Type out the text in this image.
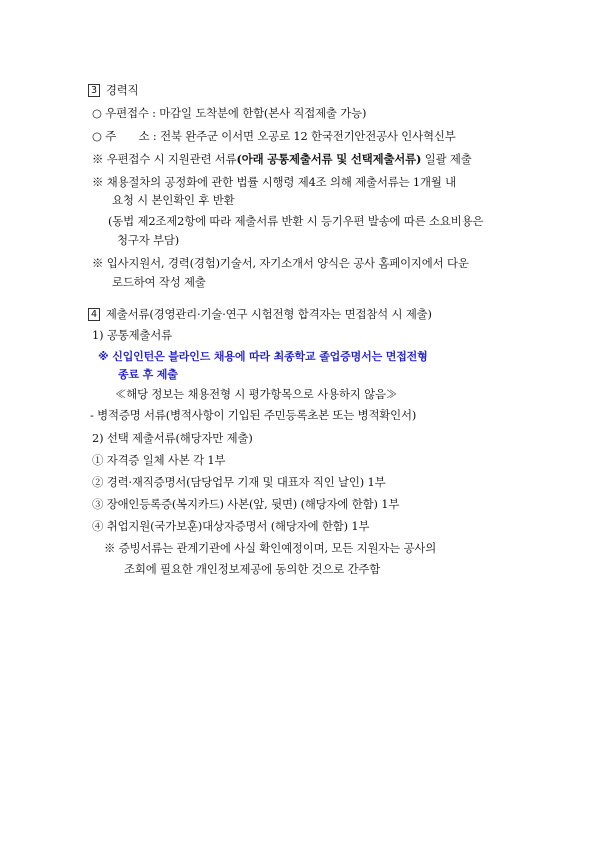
3 경력직
○ 우편접수 : 마감일 도착분에 한함(본사 직접제출 가능)
○ 주　　소 : 전북 완주군 이서면 오공로 12 한국전기안전공사 인사혁신부
※ 우편접수 시 지원관련 서류(아래 공통제출서류 및 선택제출서류) 일괄 제출
※ 채용절차의 공정화에 관한 법률 시행령 제4조 의해 제출서류는 1개월 내
요청 시 본인확인 후 반환
(동법 제2조제2항에 따라 제출서류 반환 시 등기우편 발송에 따른 소요비용은
청구자 부담)
※ 입사지원서, 경력(경험)기술서, 자기소개서 양식은 공사 홈페이지에서 다운
로드하여 작성 제출
4 제출서류(경영관리·기술·연구 시험전형 합격자는 면접참석 시 제출)
1) 공통제출서류
※ 신입인턴은 블라인드 채용에 따라 최종학교 졸업증명서는 면접전형
종료 후 제출
≪해당 정보는 채용전형 시 평가항목으로 사용하지 않음≫
- 병적증명 서류(병적사항이 기입된 주민등록초본 또는 병적확인서)
2) 선택 제출서류(해당자만 제출)
① 자격증 일체 사본 각 1부
② 경력·재직증명서(담당업무 기재 및 대표자 직인 날인) 1부
③ 장애인등록증(복지카드) 사본(앞, 뒷면) (해당자에 한함) 1부
④ 취업지원(국가보훈)대상자증명서 (해당자에 한함) 1부
※ 증빙서류는 관계기관에 사실 확인예정이며, 모든 지원자는 공사의
조회에 필요한 개인정보제공에 동의한 것으로 간주함
